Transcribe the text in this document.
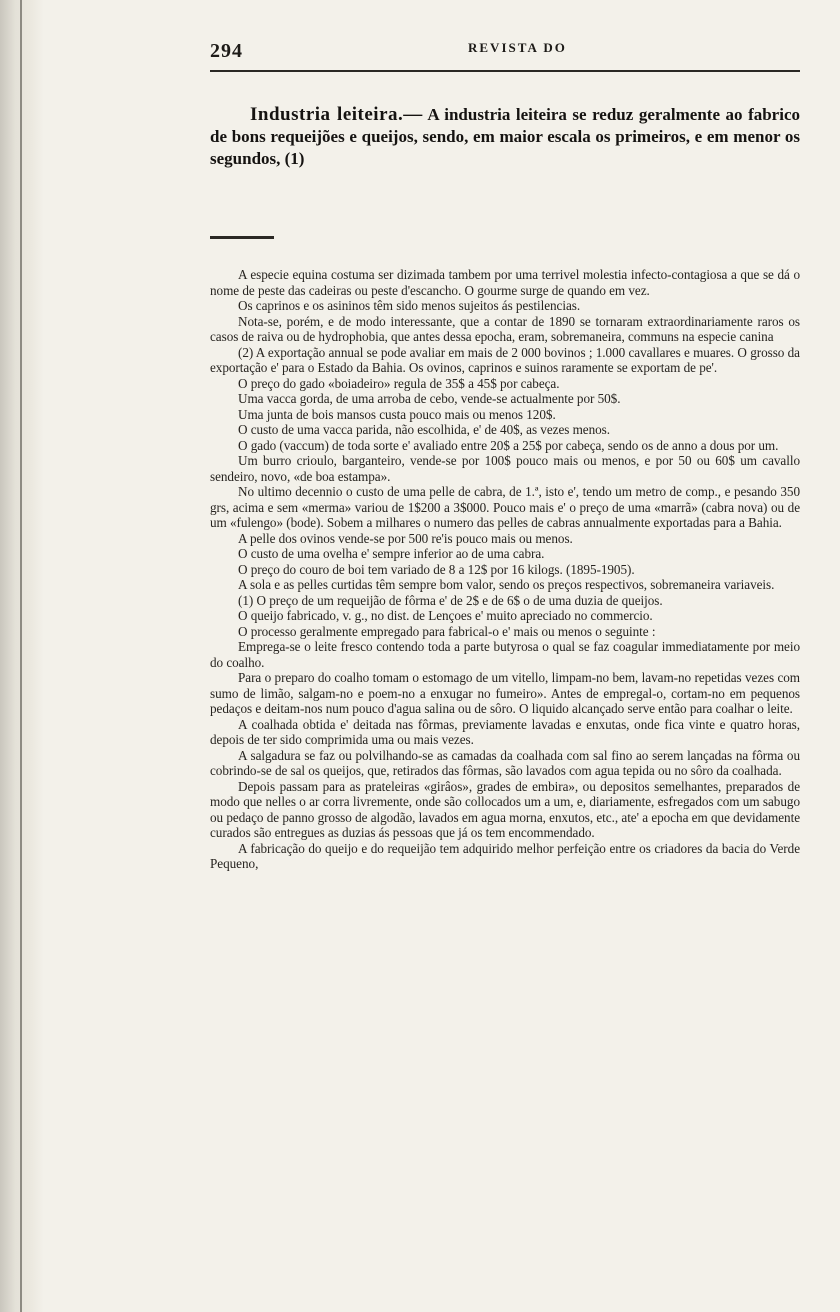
294	REVISTA DO

Industria leiteira.— A industria leiteira se reduz geralmente ao fabrico de bons requeijões e queijos, sendo, em maior escala os primeiros, e em menor os segundos, (1)

A especie equina costuma ser dizimada tambem por uma terrivel molestia infecto-contagiosa a que se dá o nome de peste das cadeiras ou peste d'escancho. O gourme surge de quando em vez.

Os caprinos e os asininos têm sido menos sujeitos ás pestilencias.

Nota-se, porém, e de modo interessante, que a contar de 1890 se tornaram extraordinariamente raros os casos de raiva ou de hydrophobia, que antes dessa epocha, eram, sobremaneira, communs na especie canina

(2) A exportação annual se pode avaliar em mais de 2 000 bovinos ; 1.000 cavallares e muares. O grosso da exportação e' para o Estado da Bahia. Os ovinos, caprinos e suinos raramente se exportam de pe'.

O preço do gado «boiadeiro» regula de 35$ a 45$ por cabeça.

Uma vacca gorda, de uma arroba de cebo, vende-se actualmente por 50$.

Uma junta de bois mansos custa pouco mais ou menos 120$.

O custo de uma vacca parida, não escolhida, e' de 40$, as vezes menos.

O gado (vaccum) de toda sorte e' avaliado entre 20$ a 25$ por cabeça, sendo os de anno a dous por um.

Um burro crioulo, barganteiro, vende-se por 100$ pouco mais ou menos, e por 50 ou 60$ um cavallo sendeiro, novo, «de boa estampa».

No ultimo decennio o custo de uma pelle de cabra, de 1.ª, isto e', tendo um metro de comp., e pesando 350 grs, acima e sem «merma» variou de 1$200 a 3$000. Pouco mais e' o preço de uma «marrã» (cabra nova) ou de um «fulengo» (bode). Sobem a milhares o numero das pelles de cabras annualmente exportadas para a Bahia.

A pelle dos ovinos vende-se por 500 re'is pouco mais ou menos.

O custo de uma ovelha e' sempre inferior ao de uma cabra.

O preço do couro de boi tem variado de 8 a 12$ por 16 kilogs. (1895-1905).

A sola e as pelles curtidas têm sempre bom valor, sendo os preços respectivos, sobremaneira variaveis.

(1) O preço de um requeijão de fôrma e' de 2$ e de 6$ o de uma duzia de queijos.

O queijo fabricado, v. g., no dist. de Lençoes e' muito apreciado no commercio.

O processo geralmente empregado para fabrical-o e' mais ou menos o seguinte :

Emprega-se o leite fresco contendo toda a parte butyrosa o qual se faz coagular immediatamente por meio do coalho.

Para o preparo do coalho tomam o estomago de um vitello, limpam-no bem, lavam-no repetidas vezes com sumo de limão, salgam-no e poem-no a enxugar no fumeiro». Antes de empregal-o, cortam-no em pequenos pedaços e deitam-nos num pouco d'agua salina ou de sôro. O liquido alcançado serve então para coalhar o leite.

A coalhada obtida e' deitada nas fôrmas, previamente lavadas e enxutas, onde fica vinte e quatro horas, depois de ter sido comprimida uma ou mais vezes.

A salgadura se faz ou polvilhando-se as camadas da coalhada com sal fino ao serem lançadas na fôrma ou cobrindo-se de sal os queijos, que, retirados das fôrmas, são lavados com agua tepida ou no sôro da coalhada.

Depois passam para as prateleiras «girâos», grades de embira», ou depositos semelhantes, preparados de modo que nelles o ar corra livremente, onde são collocados um a um, e, diariamente, esfregados com um sabugo ou pedaço de panno grosso de algodão, lavados em agua morna, enxutos, etc., ate' a epocha em que devidamente curados são entregues as duzias ás pessoas que já os tem encommendado.

A fabricação do queijo e do requeijão tem adquirido melhor perfeição entre os criadores da bacia do Verde Pequeno,
